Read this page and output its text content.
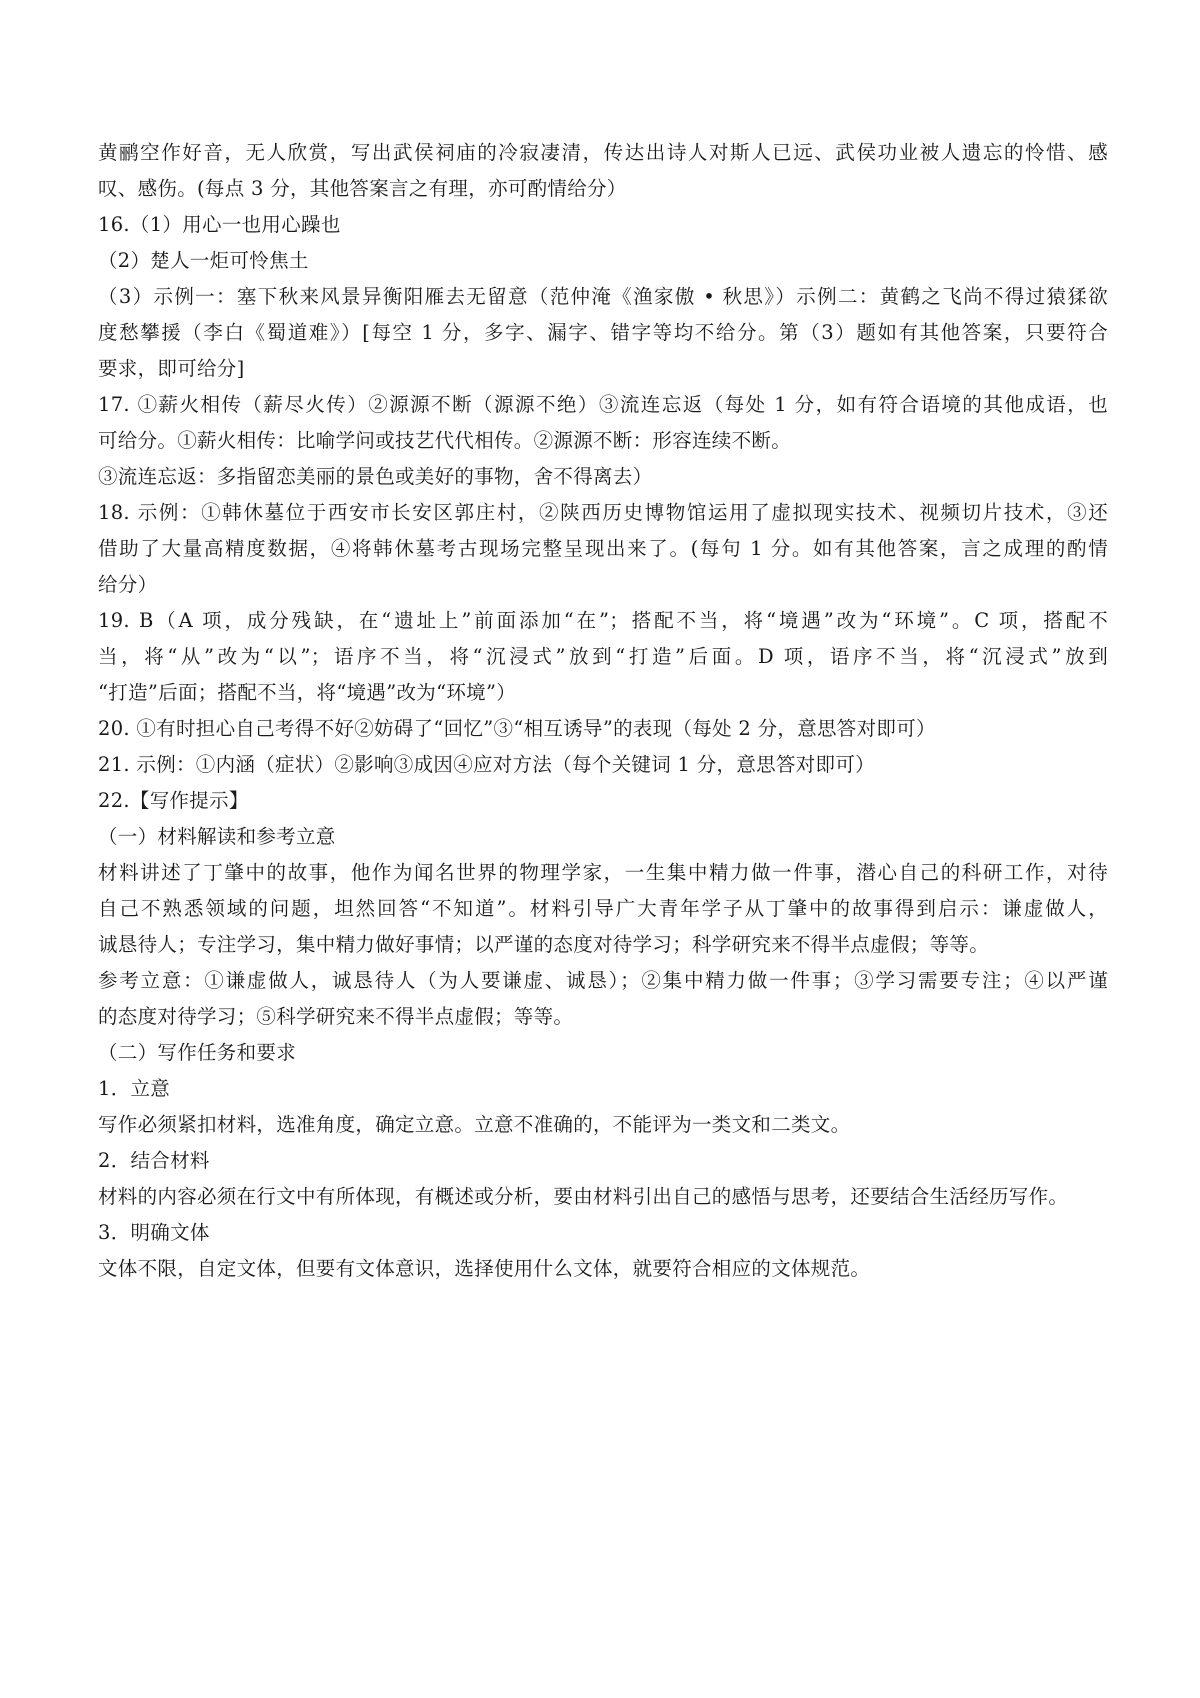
黄鹂空作好音，无人欣赏，写出武侯祠庙的冷寂凄清，传达出诗人对斯人已远、武侯功业被人遗忘的怜惜、感

叹、感伤。(每点 3 分，其他答案言之有理，亦可酌情给分）

16.（1）用心一也用心躁也

（2）楚人一炬可怜焦土

（3）示例一：塞下秋来风景异衡阳雁去无留意（范仲淹《渔家傲 • 秋思》）示例二：黄鹤之飞尚不得过猿猱欲

度愁攀援（李白《蜀道难》）[每空 1 分，多字、漏字、错字等均不给分。第（3）题如有其他答案，只要符合

要求，即可给分]

17. ①薪火相传（薪尽火传）②源源不断（源源不绝）③流连忘返（每处 1 分，如有符合语境的其他成语，也

可给分。①薪火相传：比喻学问或技艺代代相传。②源源不断：形容连续不断。

③流连忘返：多指留恋美丽的景色或美好的事物，舍不得离去）

18. 示例：①韩休墓位于西安市长安区郭庄村，②陕西历史博物馆运用了虚拟现实技术、视频切片技术，③还

借助了大量高精度数据，④将韩休墓考古现场完整呈现出来了。(每句 1 分。如有其他答案，言之成理的酌情

给分）

19. B（A 项，成分残缺，在“遗址上”前面添加“在”；搭配不当，将“境遇”改为“环境”。C 项，搭配不

当，将“从”改为“以”；语序不当，将“沉浸式”放到“打造”后面。D 项，语序不当，将“沉浸式”放到

“打造”后面；搭配不当，将“境遇”改为“环境”）

20. ①有时担心自己考得不好②妨碍了“回忆”③“相互诱导”的表现（每处 2 分，意思答对即可）

21. 示例：①内涵（症状）②影响③成因④应对方法（每个关键词 1 分，意思答对即可）

22.【写作提示】

（一）材料解读和参考立意

材料讲述了丁肇中的故事，他作为闻名世界的物理学家，一生集中精力做一件事，潜心自己的科研工作，对待

自己不熟悉领域的问题，坦然回答“不知道”。材料引导广大青年学子从丁肇中的故事得到启示：谦虚做人，

诚恳待人；专注学习，集中精力做好事情；以严谨的态度对待学习；科学研究来不得半点虚假；等等。

参考立意：①谦虚做人，诚恳待人（为人要谦虚、诚恳）；②集中精力做一件事；③学习需要专注；④以严谨

的态度对待学习；⑤科学研究来不得半点虚假；等等。

（二）写作任务和要求

1．立意

写作必须紧扣材料，选准角度，确定立意。立意不准确的，不能评为一类文和二类文。

2．结合材料

材料的内容必须在行文中有所体现，有概述或分析，要由材料引出自己的感悟与思考，还要结合生活经历写作。

3．明确文体

文体不限，自定文体，但要有文体意识，选择使用什么文体，就要符合相应的文体规范。
